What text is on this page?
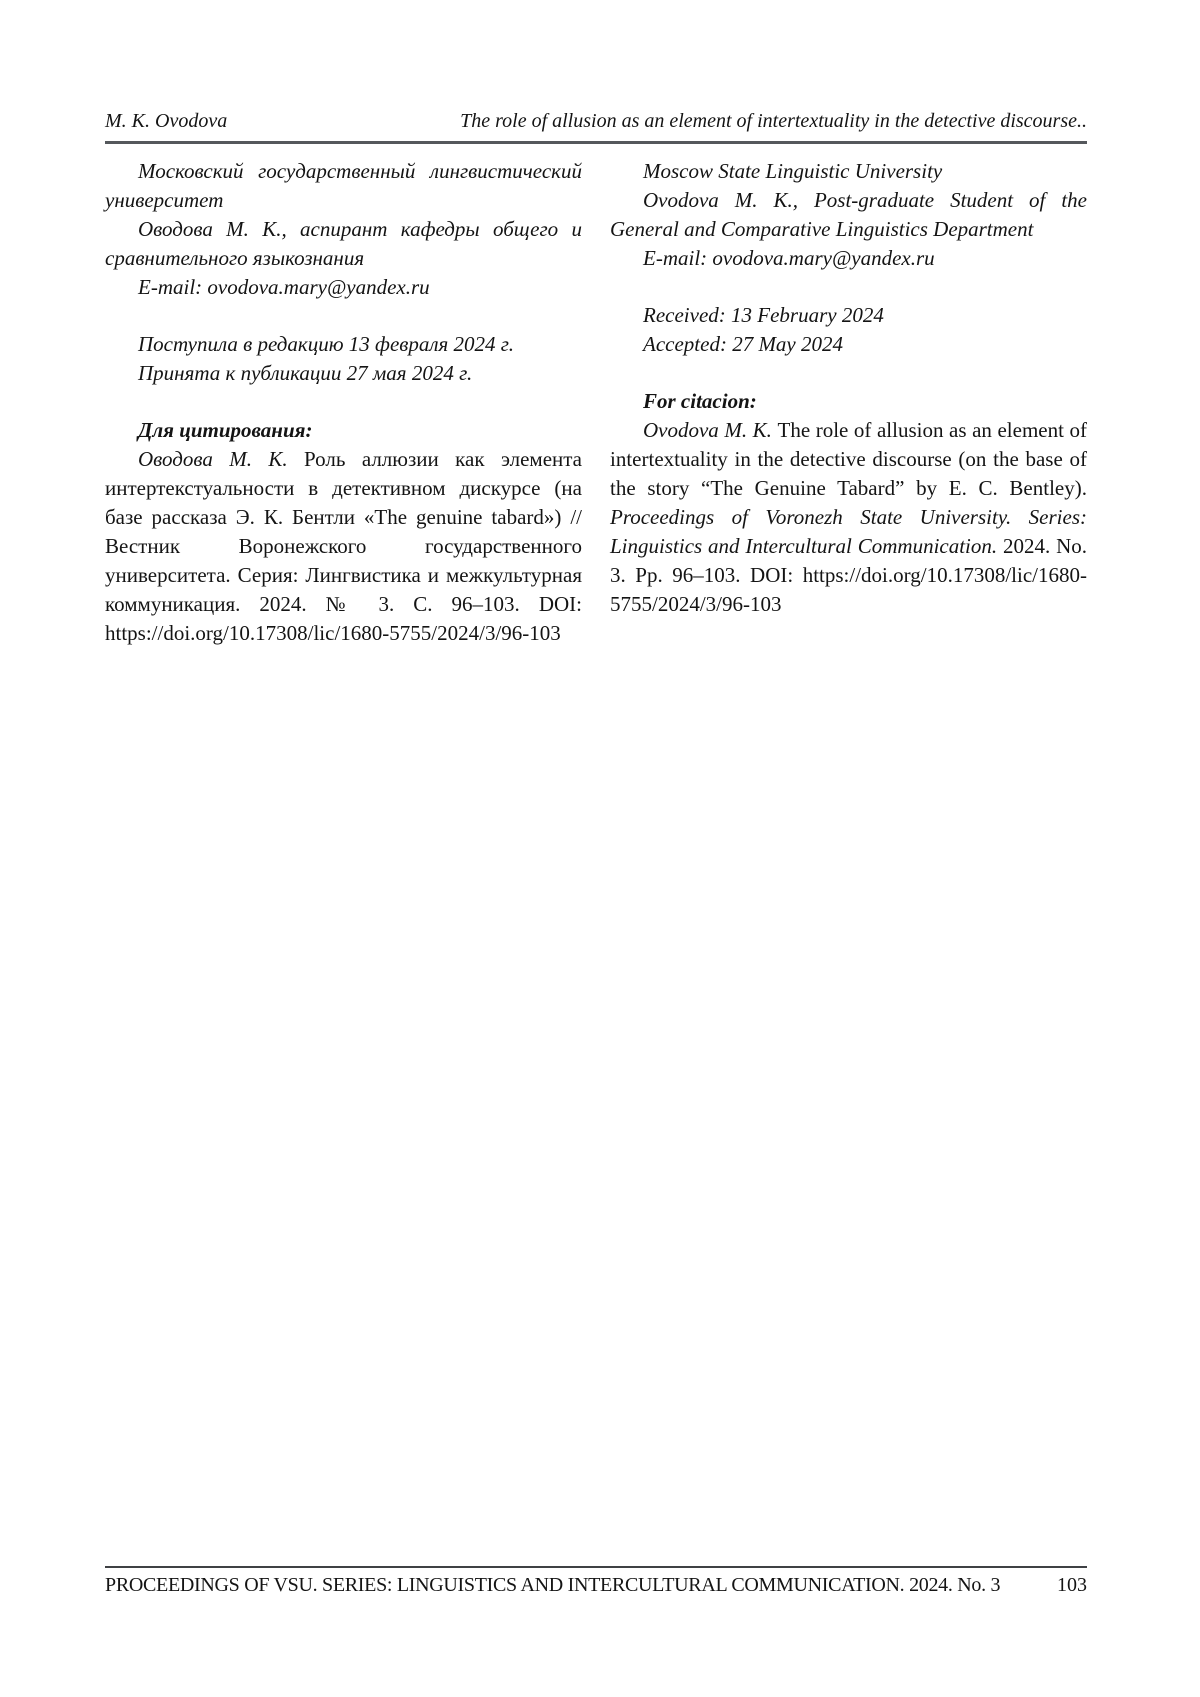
M. K. Ovodova	The role of allusion as an element of intertextuality in the detective discourse..

Московский государственный лингвистический университет

Оводова М. К., аспирант кафедры общего и сравнительного языкознания

E-mail: ovodova.mary@yandex.ru

Поступила в редакцию 13 февраля 2024 г.

Принята к публикации 27 мая 2024 г.

Для цитирования:

Оводова М. К. Роль аллюзии как элемента интертекстуальности в детективном дискурсе (на базе рассказа Э. К. Бентли «The genuine tabard») // Вестник Воронежского государственного университета. Серия: Лингвистика и межкультурная коммуникация. 2024. № 3. С. 96–103. DOI: https://doi.org/10.17308/lic/1680-5755/2024/3/96-103

Moscow State Linguistic University

Ovodova M. K., Post-graduate Student of the General and Comparative Linguistics Department

E-mail: ovodova.mary@yandex.ru

Received: 13 February 2024

Accepted: 27 May 2024

For citacion:

Ovodova M. K. The role of allusion as an element of intertextuality in the detective discourse (on the base of the story “The Genuine Tabard” by E. C. Bentley). Proceedings of Voronezh State University. Series: Linguistics and Intercultural Communication. 2024. No. 3. Pp. 96–103. DOI: https://doi.org/10.17308/lic/1680-5755/2024/3/96-103

PROCEEDINGS OF VSU. SERIES: LINGUISTICS AND INTERCULTURAL COMMUNICATION. 2024. No. 3	103
